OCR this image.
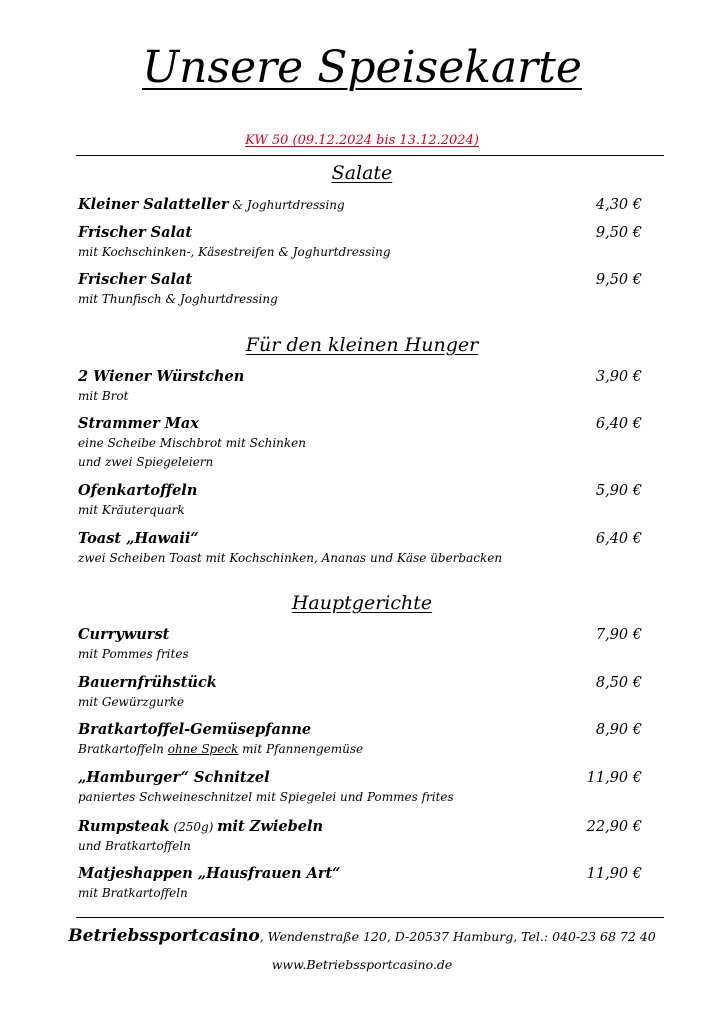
Unsere Speisekarte
KW 50 (09.12.2024 bis 13.12.2024)
Salate
Kleiner Salatteller & Joghurtdressing	4,30 €
Frischer Salat	9,50 €
mit Kochschinken-, Käsestreifen & Joghurtdressing
Frischer Salat	9,50 €
mit Thunfisch & Joghurtdressing
Für den kleinen Hunger
2 Wiener Würstchen	3,90 €
mit Brot
Strammer Max	6,40 €
eine Scheibe Mischbrot mit Schinken
und zwei Spiegeleiern
Ofenkartoffeln	5,90 €
mit Kräuterquark
Toast „Hawaii“	6,40 €
zwei Scheiben Toast mit Kochschinken, Ananas und Käse überbacken
Hauptgerichte
Currywurst	7,90 €
mit Pommes frites
Bauernfrühstück	8,50 €
mit Gewürzgurke
Bratkartoffel-Gemüsepfanne	8,90 €
Bratkartoffeln ohne Speck mit Pfannengemüse
„Hamburger“ Schnitzel	11,90 €
paniertes Schweineschnitzel mit Spiegelei und Pommes frites
Rumpsteak (250g) mit Zwiebeln	22,90 €
und Bratkartoffeln
Matjeshappen „Hausfrauen Art“	11,90 €
mit Bratkartoffeln
Betriebssportcasino, Wendenstraße 120, D-20537 Hamburg, Tel.: 040-23 68 72 40
www.Betriebssportcasino.de
